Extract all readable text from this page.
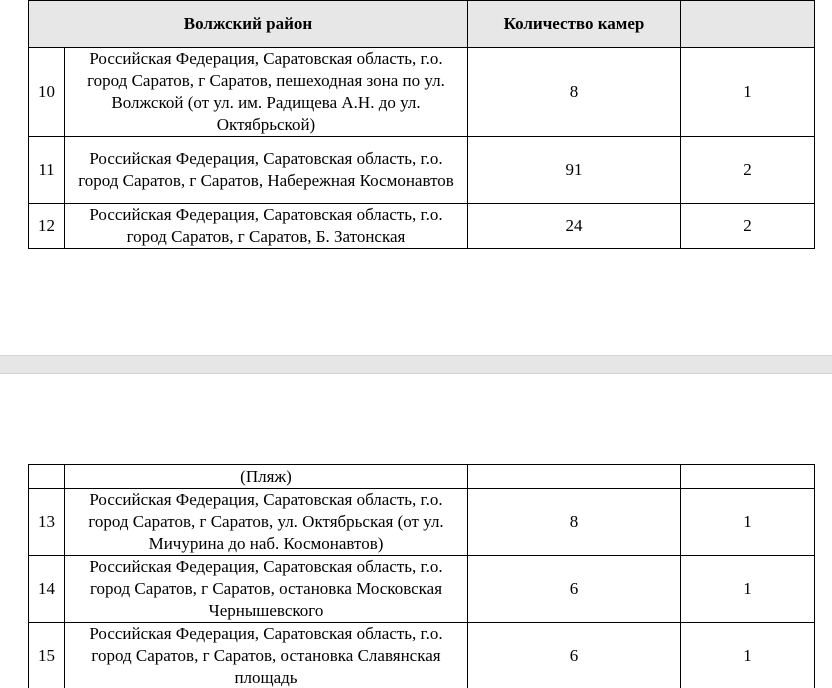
Волжский район		Количество камер	
10	Российская Федерация, Саратовская область, г.о. город Саратов, г Саратов, пешеходная зона по ул. Волжской (от ул. им. Радищева А.Н. до ул. Октябрьской)	8	1
11	Российская Федерация, Саратовская область, г.о. город Саратов, г Саратов, Набережная Космонавтов	91	2
12	Российская Федерация, Саратовская область, г.о. город Саратов, г Саратов, Б. Затонская	24	2
	(Пляж)		
13	Российская Федерация, Саратовская область, г.о. город Саратов, г Саратов, ул. Октябрьская (от ул. Мичурина до наб. Космонавтов)	8	1
14	Российская Федерация, Саратовская область, г.о. город Саратов, г Саратов, остановка Московская Чернышевского	6	1
15	Российская Федерация, Саратовская область, г.о. город Саратов, г Саратов, остановка Славянская площадь	6	1
